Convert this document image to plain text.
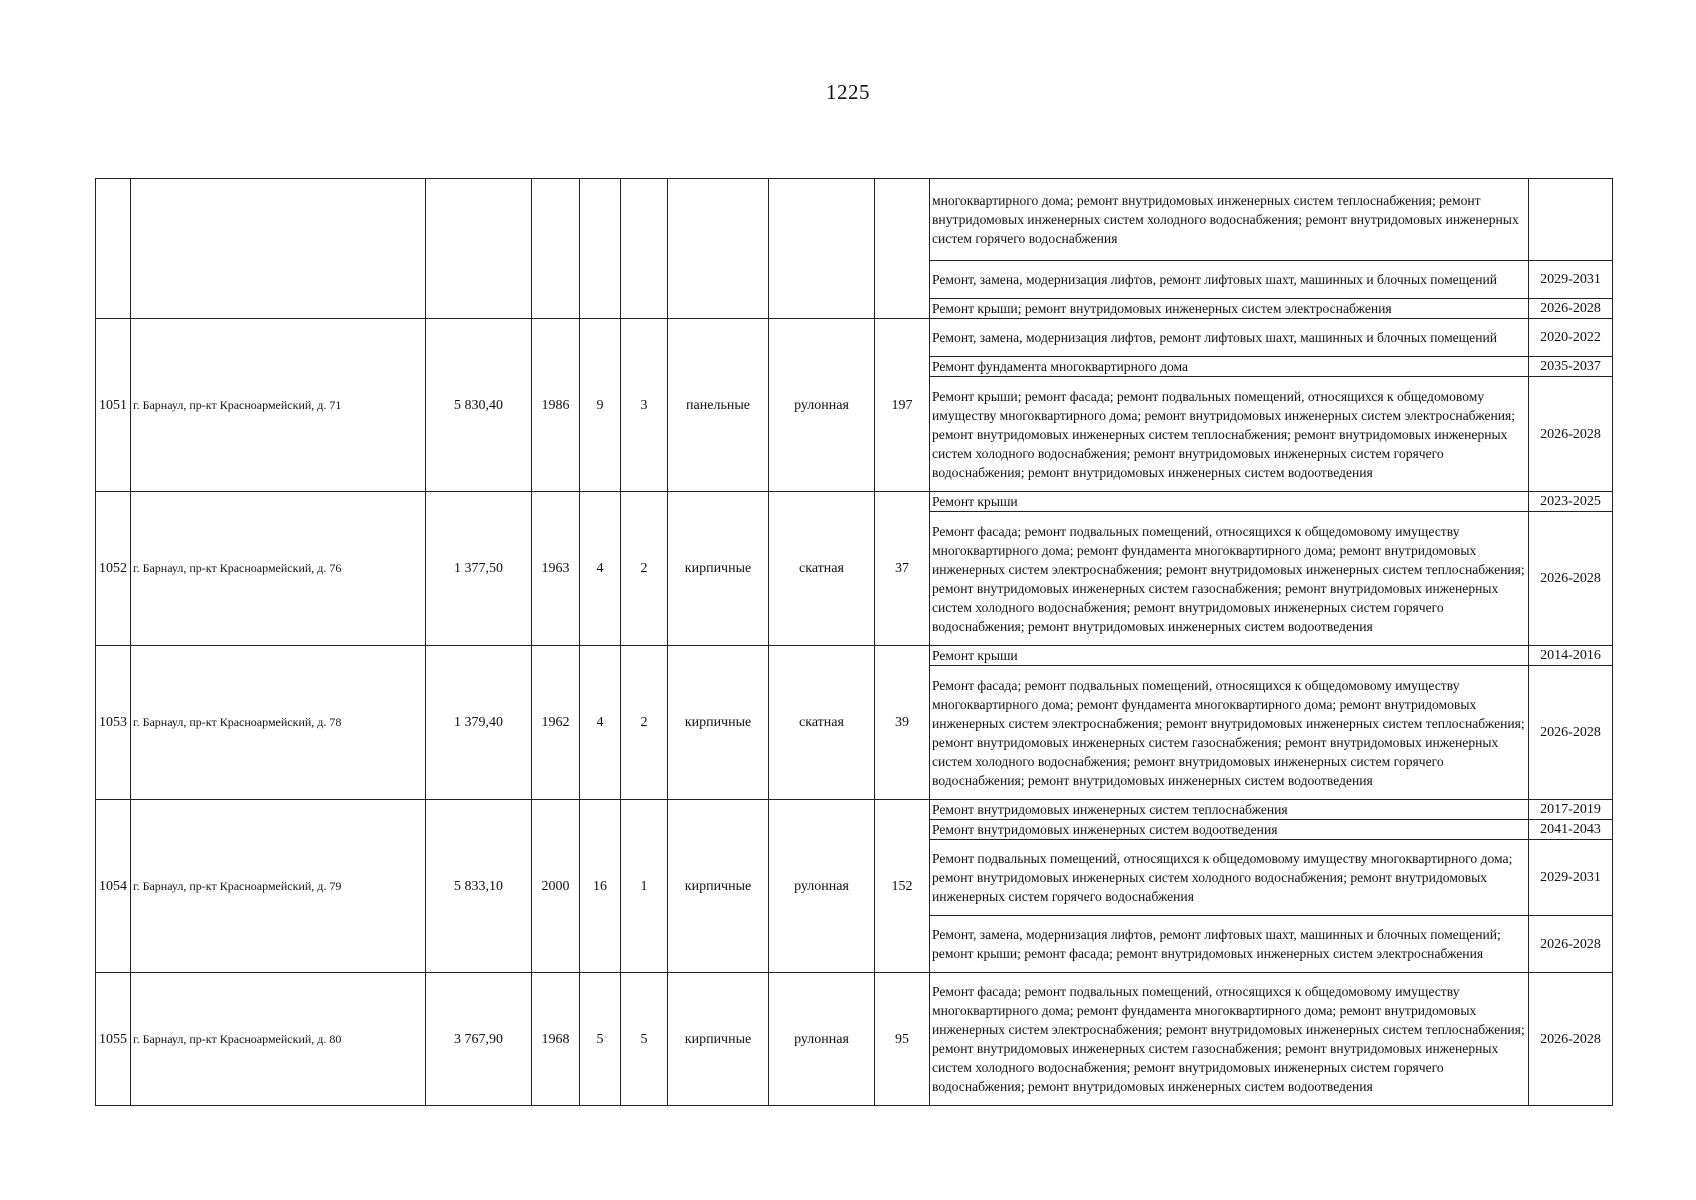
1225
									многоквартирного дома; ремонт внутридомовых инженерных систем теплоснабжения; ремонт внутридомовых инженерных систем холодного водоснабжения; ремонт внутридомовых инженерных систем горячего водоснабжения	
									Ремонт, замена, модернизация лифтов, ремонт лифтовых шахт, машинных и блочных помещений	2029-2031
									Ремонт крыши; ремонт внутридомовых инженерных систем электроснабжения	2026-2028
1051	г. Барнаул, пр-кт Красноармейский, д. 71	5 830,40	1986	9	3	панельные	рулонная	197	Ремонт, замена, модернизация лифтов, ремонт лифтовых шахт, машинных и блочных помещений	2020-2022
									Ремонт фундамента многоквартирного дома	2035-2037
									Ремонт крыши; ремонт фасада; ремонт подвальных помещений, относящихся к общедомовому имуществу многоквартирного дома; ремонт внутридомовых инженерных систем электроснабжения; ремонт внутридомовых инженерных систем теплоснабжения; ремонт внутридомовых инженерных систем холодного водоснабжения; ремонт внутридомовых инженерных систем горячего водоснабжения; ремонт внутридомовых инженерных систем водоотведения	2026-2028
1052	г. Барнаул, пр-кт Красноармейский, д. 76	1 377,50	1963	4	2	кирпичные	скатная	37	Ремонт крыши	2023-2025
									Ремонт фасада; ремонт подвальных помещений, относящихся к общедомовому имуществу многоквартирного дома; ремонт фундамента многоквартирного дома; ремонт внутридомовых инженерных систем электроснабжения; ремонт внутридомовых инженерных систем теплоснабжения; ремонт внутридомовых инженерных систем газоснабжения; ремонт внутридомовых инженерных систем холодного водоснабжения; ремонт внутридомовых инженерных систем горячего водоснабжения; ремонт внутридомовых инженерных систем водоотведения	2026-2028
1053	г. Барнаул, пр-кт Красноармейский, д. 78	1 379,40	1962	4	2	кирпичные	скатная	39	Ремонт крыши	2014-2016
									Ремонт фасада; ремонт подвальных помещений, относящихся к общедомовому имуществу многоквартирного дома; ремонт фундамента многоквартирного дома; ремонт внутридомовых инженерных систем электроснабжения; ремонт внутридомовых инженерных систем теплоснабжения; ремонт внутридомовых инженерных систем газоснабжения; ремонт внутридомовых инженерных систем холодного водоснабжения; ремонт внутридомовых инженерных систем горячего водоснабжения; ремонт внутридомовых инженерных систем водоотведения	2026-2028
1054	г. Барнаул, пр-кт Красноармейский, д. 79	5 833,10	2000	16	1	кирпичные	рулонная	152	Ремонт внутридомовых инженерных систем теплоснабжения	2017-2019
									Ремонт внутридомовых инженерных систем водоотведения	2041-2043
									Ремонт подвальных помещений, относящихся к общедомовому имуществу многоквартирного дома; ремонт внутридомовых инженерных систем холодного водоснабжения; ремонт внутридомовых инженерных систем горячего водоснабжения	2029-2031
									Ремонт, замена, модернизация лифтов, ремонт лифтовых шахт, машинных и блочных помещений; ремонт крыши; ремонт фасада; ремонт внутридомовых инженерных систем электроснабжения	2026-2028
1055	г. Барнаул, пр-кт Красноармейский, д. 80	3 767,90	1968	5	5	кирпичные	рулонная	95	Ремонт фасада; ремонт подвальных помещений, относящихся к общедомовому имуществу многоквартирного дома; ремонт фундамента многоквартирного дома; ремонт внутридомовых инженерных систем электроснабжения; ремонт внутридомовых инженерных систем теплоснабжения; ремонт внутридомовых инженерных систем газоснабжения; ремонт внутридомовых инженерных систем холодного водоснабжения; ремонт внутридомовых инженерных систем горячего водоснабжения; ремонт внутридомовых инженерных систем водоотведения	2026-2028
